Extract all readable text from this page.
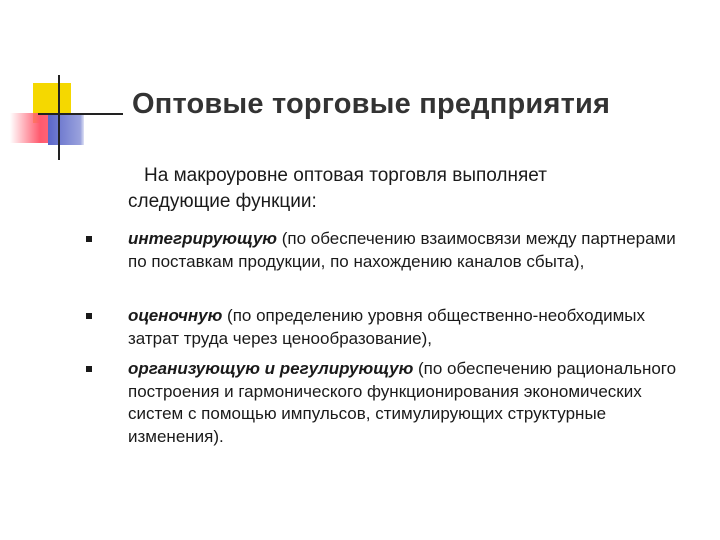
Оптовые торговые предприятия
На макроуровне оптовая торговля выполняет
следующие функции:
интегрирующую (по обеспечению взаимосвязи между партнерами по поставкам продукции, по нахождению каналов сбыта),
оценочную (по определению уровня общественно-необходимых затрат труда через ценообразование),
организующую и регулирующую (по обеспечению рационального построения и гармонического функционирования экономических систем с помощью импульсов, стимулирующих структурные изменения).
